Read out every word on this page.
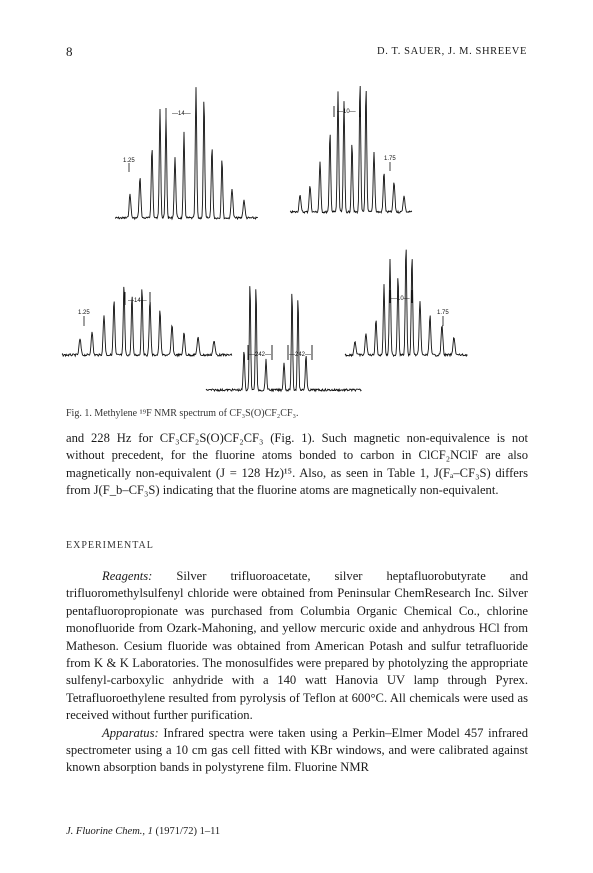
8	D. T. SAUER, J. M. SHREEVE
—14—
1.25
—10—
1.75
—14—
1.25
—242—	—242—
—10—
1.75
Fig. 1. Methylene ¹⁹F NMR spectrum of CF₃S(O)CF₂CF₃.

and 228 Hz for CF₃CF₂S(O)CF₂CF₃ (Fig. 1). Such magnetic non-equivalence is not without precedent, for the fluorine atoms bonded to carbon in ClCF₂NClF are also magnetically non-equivalent (J = 128 Hz)¹⁵. Also, as seen in Table 1, J(Fₐ–CF₃S) differs from J(F_b–CF₃S) indicating that the fluorine atoms are magnetically non-equivalent.

EXPERIMENTAL

Reagents: Silver trifluoroacetate, silver heptafluorobutyrate and trifluoromethylsulfenyl chloride were obtained from Peninsular ChemResearch Inc. Silver pentafluoropropionate was purchased from Columbia Organic Chemical Co., chlorine monofluoride from Ozark-Mahoning, and yellow mercuric oxide and anhydrous HCl from Matheson. Cesium fluoride was obtained from American Potash and sulfur tetrafluoride from K & K Laboratories. The monosulfides were prepared by photolyzing the appropriate sulfenyl-carboxylic anhydride with a 140 watt Hanovia UV lamp through Pyrex. Tetrafluoroethylene resulted from pyrolysis of Teflon at 600°C. All chemicals were used as received without further purification.

Apparatus: Infrared spectra were taken using a Perkin–Elmer Model 457 infrared spectrometer using a 10 cm gas cell fitted with KBr windows, and were calibrated against known absorption bands in polystyrene film. Fluorine NMR

J. Fluorine Chem., 1 (1971/72) 1–11
